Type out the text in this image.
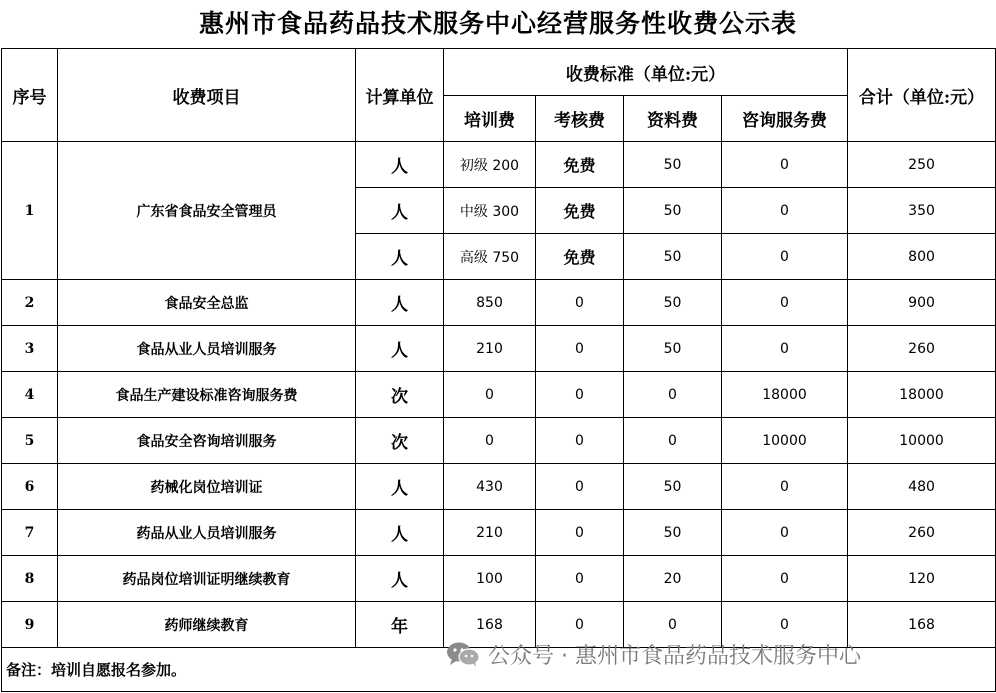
惠州市食品药品技术服务中心经营服务性收费公示表
序号	收费项目	计算单位	收费标准（单位:元）				合计（单位:元）
			培训费	考核费	资料费	咨询服务费	
1	广东省食品安全管理员	人	初级 200	免费	50	0	250
		人	中级 300	免费	50	0	350
		人	高级 750	免费	50	0	800
2	食品安全总监	人	850	0	50	0	900
3	食品从业人员培训服务	人	210	0	50	0	260
4	食品生产建设标准咨询服务费	次	0	0	0	18000	18000
5	食品安全咨询培训服务	次	0	0	0	10000	10000
6	药械化岗位培训证	人	430	0	50	0	480
7	药品从业人员培训服务	人	210	0	50	0	260
8	药品岗位培训证明继续教育	人	100	0	20	0	120
9	药师继续教育	年	168	0	0	0	168
备注：培训自愿报名参加。							
公众号 · 惠州市食品药品技术服务中心
